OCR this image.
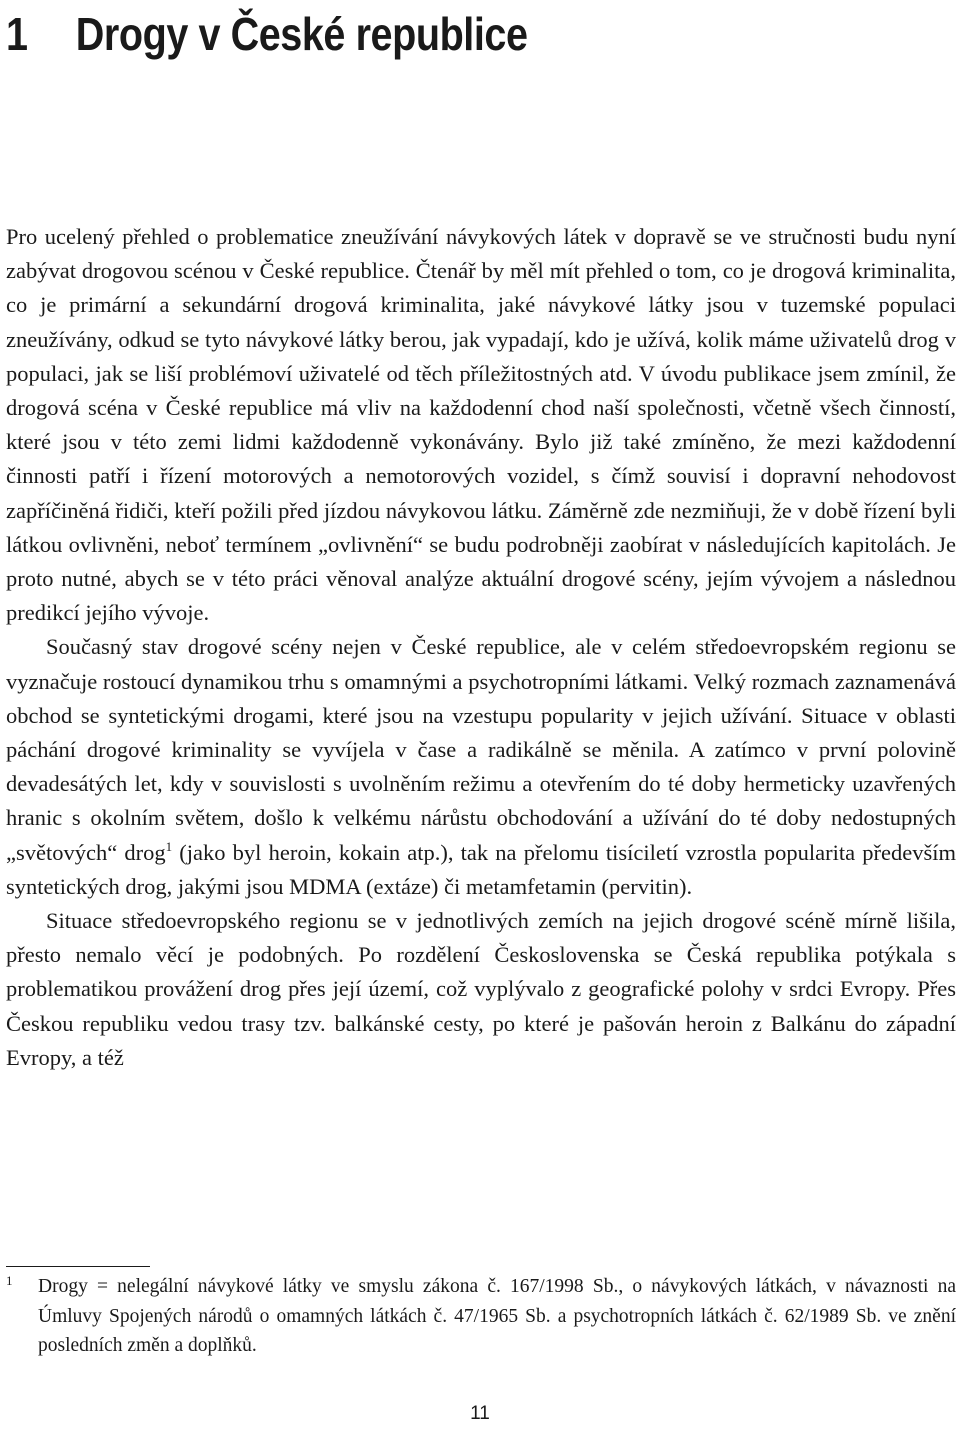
1 Drogy v České republice

Pro ucelený přehled o problematice zneužívání návykových látek v dopravě se ve stručnosti budu nyní zabývat drogovou scénou v České republice. Čtenář by měl mít přehled o tom, co je drogová kriminalita, co je primární a sekundární drogová kriminalita, jaké návykové látky jsou v tuzemské populaci zneužívány, odkud se tyto návykové látky berou, jak vypadají, kdo je užívá, kolik máme uživatelů drog v populaci, jak se liší problémoví uživatelé od těch příležitostných atd. V úvodu publikace jsem zmínil, že drogová scéna v České republice má vliv na každodenní chod naší společnosti, včetně všech činností, které jsou v této zemi lidmi každodenně vykonávány. Bylo již také zmíněno, že mezi každodenní činnosti patří i řízení motorových a nemotorových vozidel, s čímž souvisí i dopravní nehodovost zapříčiněná řidiči, kteří požili před jízdou návykovou látku. Záměrně zde nezmiňuji, že v době řízení byli látkou ovlivněni, neboť termínem „ovlivnění“ se budu podrobněji zaobírat v následujících kapitolách. Je proto nutné, abych se v této práci věnoval analýze aktuální drogové scény, jejím vývojem a následnou predikcí jejího vývoje.

Současný stav drogové scény nejen v České republice, ale v celém středoevropském regionu se vyznačuje rostoucí dynamikou trhu s omamnými a psychotropními látkami. Velký rozmach zaznamenává obchod se syntetickými drogami, které jsou na vzestupu popularity v jejich užívání. Situace v oblasti páchání drogové kriminality se vyvíjela v čase a radikálně se měnila. A zatímco v první polovině devadesátých let, kdy v souvislosti s uvolněním režimu a otevřením do té doby hermeticky uzavřených hranic s okolním světem, došlo k velkému nárůstu obchodování a užívání do té doby nedostupných „světových“ drog$^1$ (jako byl heroin, kokain atp.), tak na přelomu tisíciletí vzrostla popularita především syntetických drog, jakými jsou MDMA (extáze) či metamfetamin (pervitin).

Situace středoevropského regionu se v jednotlivých zemích na jejich drogové scéně mírně lišila, přesto nemalo věcí je podobných. Po rozdělení Československa se Česká republika potýkala s problematikou provážení drog přes její území, což vyplývalo z geografické polohy v srdci Evropy. Přes Českou republiku vedou trasy tzv. balkánské cesty, po které je pašován heroin z Balkánu do západní Evropy, a též

1 Drogy = nelegální návykové látky ve smyslu zákona č. 167/1998 Sb., o návykových látkách, v návaznosti na Úmluvy Spojených národů o omamných látkách č. 47/1965 Sb. a psychotropních látkách č. 62/1989 Sb. ve znění posledních změn a doplňků.
11
